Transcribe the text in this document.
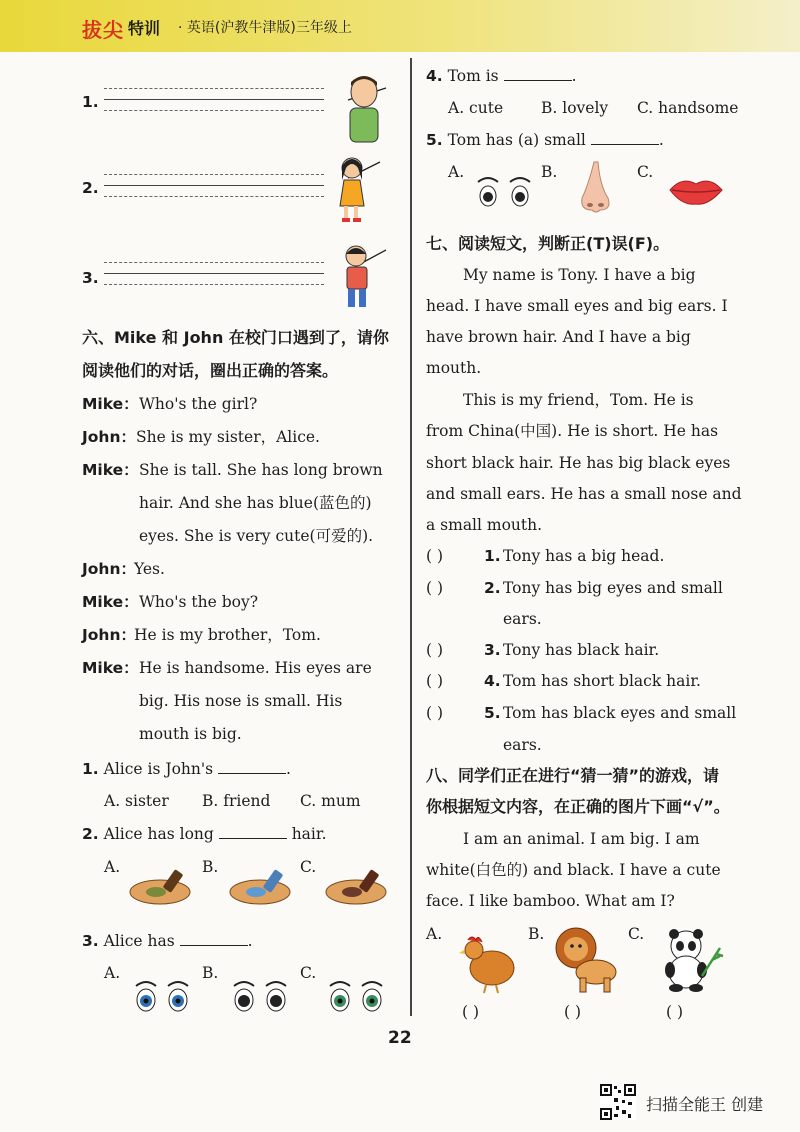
拔尖 特训 · 英语(沪教牛津版)三年级上
1.
2.
3.
六、Mike 和 John 在校门口遇到了，请你
阅读他们的对话，圈出正确的答案。
Mike： Who's the girl?
John： She is my sister，Alice.
Mike： She is tall. She has long brown
hair. And she has blue(蓝色的)
eyes. She is very cute(可爱的).
John：
Yes.
Mike： Who's the boy?
John：
He is my brother，Tom.
Mike： He is handsome. His eyes are
big. His nose is small. His
mouth is big.
1. Alice is John's	.
A. sister B. friend C. mum
2. Alice has long	hair.
A.	B.	C.
3. Alice has	.
A.	B.	C.
4. Tom is	.
A. cute B. lovely C. handsome
5. Tom has (a) small	.
A.	B.	C.
七、阅读短文，判断正(T)误(F)。
My name is Tony. I have a big
head. I have small eyes and big ears. I
have brown hair. And I have a big
mouth.
This is my friend，Tom. He is
from China(中国). He is short. He has
short black hair. He has big black eyes
and small ears. He has a small nose and
a small mouth.
( )	1. Tony has a big head.
( )	2. Tony has big eyes and small
ears.
( )	3. Tony has black hair.
( )	4. Tom has short black hair.
( )	5. Tom has black eyes and small
ears.
八、同学们正在进行“猜一猜”的游戏，请
你根据短文内容，在正确的图片下画“√”。
I am an animal. I am big. I am
white(白色的) and black. I have a cute
face. I like bamboo. What am I?
A.	B.	C.
( )	( )	( )
22
扫描全能王 创建
